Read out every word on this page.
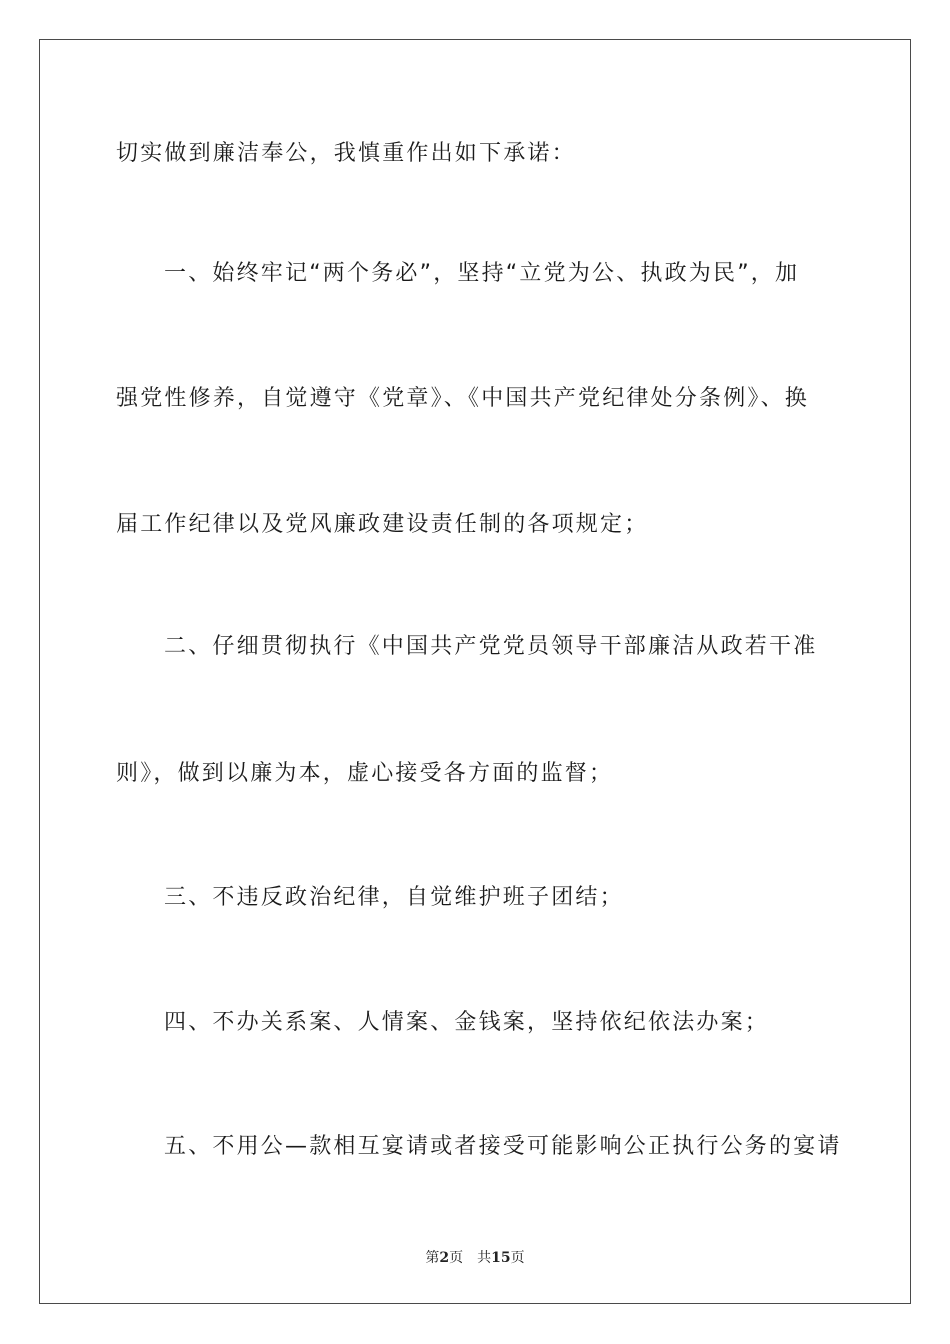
切实做到廉洁奉公，我慎重作出如下承诺：
一、始终牢记“两个务必”，坚持“立党为公、执政为民”，加
强党性修养，自觉遵守《党章》、《中国共产党纪律处分条例》、换
届工作纪律以及党风廉政建设责任制的各项规定；
二、仔细贯彻执行《中国共产党党员领导干部廉洁从政若干准
则》，做到以廉为本，虚心接受各方面的监督；
三、不违反政治纪律，自觉维护班子团结；
四、不办关系案、人情案、金钱案，坚持依纪依法办案；
五、不用公—款相互宴请或者接受可能影响公正执行公务的宴请
第2页 共15页
